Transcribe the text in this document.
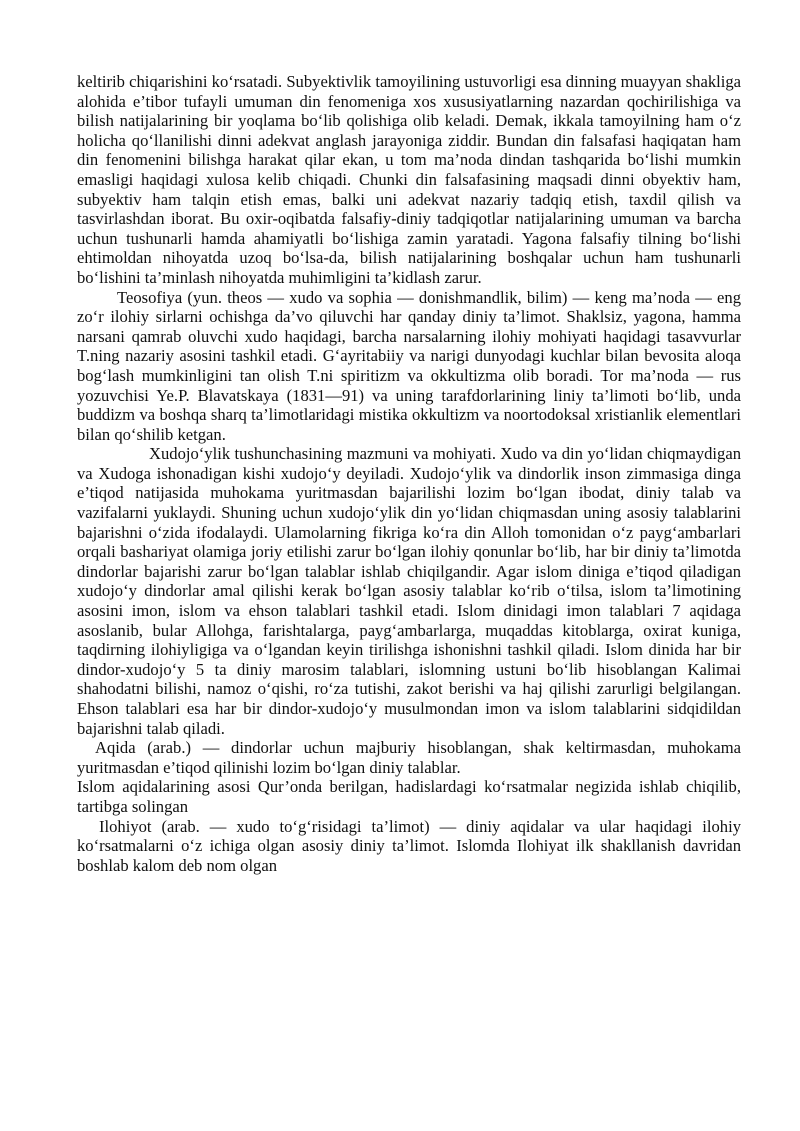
keltirib chiqarishini ko‘rsatadi. Subyektivlik tamoyilining ustuvorligi esa dinning muayyan shakliga alohida e’tibor tufayli umuman din fenomeniga xos xususiyatlarning nazardan qochirilishiga va bilish natijalarining bir yoqlama bo‘lib qolishiga olib keladi. Demak, ikkala tamoyilning ham o‘z holicha qo‘llanilishi dinni adekvat anglash jarayoniga ziddir. Bundan din falsafasi haqiqatan ham din fenomenini bilishga harakat qilar ekan, u tom ma’noda dindan tashqarida bo‘lishi mumkin emasligi haqidagi xulosa kelib chiqadi. Chunki din falsafasining maqsadi dinni obyektiv ham, subyektiv ham talqin etish emas, balki uni adekvat nazariy tadqiq etish, taxdil qilish va tasvirlashdan iborat. Bu oxir-oqibatda falsafiy-diniy tadqiqotlar natijalarining umuman va barcha uchun tushunarli hamda ahamiyatli bo‘lishiga zamin yaratadi. Yagona falsafiy tilning bo‘lishi ehtimoldan nihoyatda uzoq bo‘lsa-da, bilish natijalarining boshqalar uchun ham tushunarli bo‘lishini ta’minlash nihoyatda muhimligini ta’kidlash zarur.

Teosofiya (yun. theos — xudo va sophia — donishmandlik, bilim) — keng ma’noda — eng zo‘r ilohiy sirlarni ochishga da’vo qiluvchi har qanday diniy ta’limot. Shaklsiz, yagona, hamma narsani qamrab oluvchi xudo haqidagi, barcha narsalarning ilohiy mohiyati haqidagi tasavvurlar T.ning nazariy asosini tashkil etadi. G‘ayritabiiy va narigi dunyodagi kuchlar bilan bevosita aloqa bog‘lash mumkinligini tan olish T.ni spiritizm va okkultizma olib boradi. Tor ma’noda — rus yozuvchisi Ye.P. Blavatskaya (1831—91) va uning tarafdorlarining liniy ta’limoti bo‘lib, unda buddizm va boshqa sharq ta’limotlaridagi mistika okkultizm va noortodoksal xristianlik elementlari bilan qo‘shilib ketgan.

Xudojo‘ylik tushunchasining mazmuni va mohiyati. Xudo va din yo‘lidan chiqmaydigan va Xudoga ishonadigan kishi xudojo‘y deyiladi. Xudojo‘ylik va dindorlik inson zimmasiga dinga e’tiqod natijasida muhokama yuritmasdan bajarilishi lozim bo‘lgan ibodat, diniy talab va vazifalarni yuklaydi. Shuning uchun xudojo‘ylik din yo‘lidan chiqmasdan uning asosiy talablarini bajarishni o‘zida ifodalaydi. Ulamolarning fikriga ko‘ra din Alloh tomonidan o‘z payg‘ambarlari orqali bashariyat olamiga joriy etilishi zarur bo‘lgan ilohiy qonunlar bo‘lib, har bir diniy ta’limotda dindorlar bajarishi zarur bo‘lgan talablar ishlab chiqilgandir. Agar islom diniga e’tiqod qiladigan xudojo‘y dindorlar amal qilishi kerak bo‘lgan asosiy talablar ko‘rib o‘tilsa, islom ta’limotining asosini imon, islom va ehson talablari tashkil etadi. Islom dinidagi imon talablari 7 aqidaga asoslanib, bular Allohga, farishtalarga, payg‘ambarlarga, muqaddas kitoblarga, oxirat kuniga, taqdirning ilohiyligiga va o‘lgandan keyin tirilishga ishonishni tashkil qiladi. Islom dinida har bir dindor-xudojo‘y 5 ta diniy marosim talablari, islomning ustuni bo‘lib hisoblangan Kalimai shahodatni bilishi, namoz o‘qishi, ro‘za tutishi, zakot berishi va haj qilishi zarurligi belgilangan. Ehson talablari esa har bir dindor-xudojo‘y musulmondan imon va islom talablarini sidqidildan bajarishni talab qiladi.

Aqida (arab.) — dindorlar uchun majburiy hisoblangan, shak keltirmasdan, muhokama yuritmasdan e’tiqod qilinishi lozim bo‘lgan diniy talablar.

Islom aqidalarining asosi Qur’onda berilgan, hadislardagi ko‘rsatmalar negizida ishlab chiqilib, tartibga solingan

Ilohiyot (arab. — xudo to‘g‘risidagi ta’limot) — diniy aqidalar va ular haqidagi ilohiy ko‘rsatmalarni o‘z ichiga olgan asosiy diniy ta’limot. Islomda Ilohiyat ilk shakllanish davridan boshlab kalom deb nom olgan
